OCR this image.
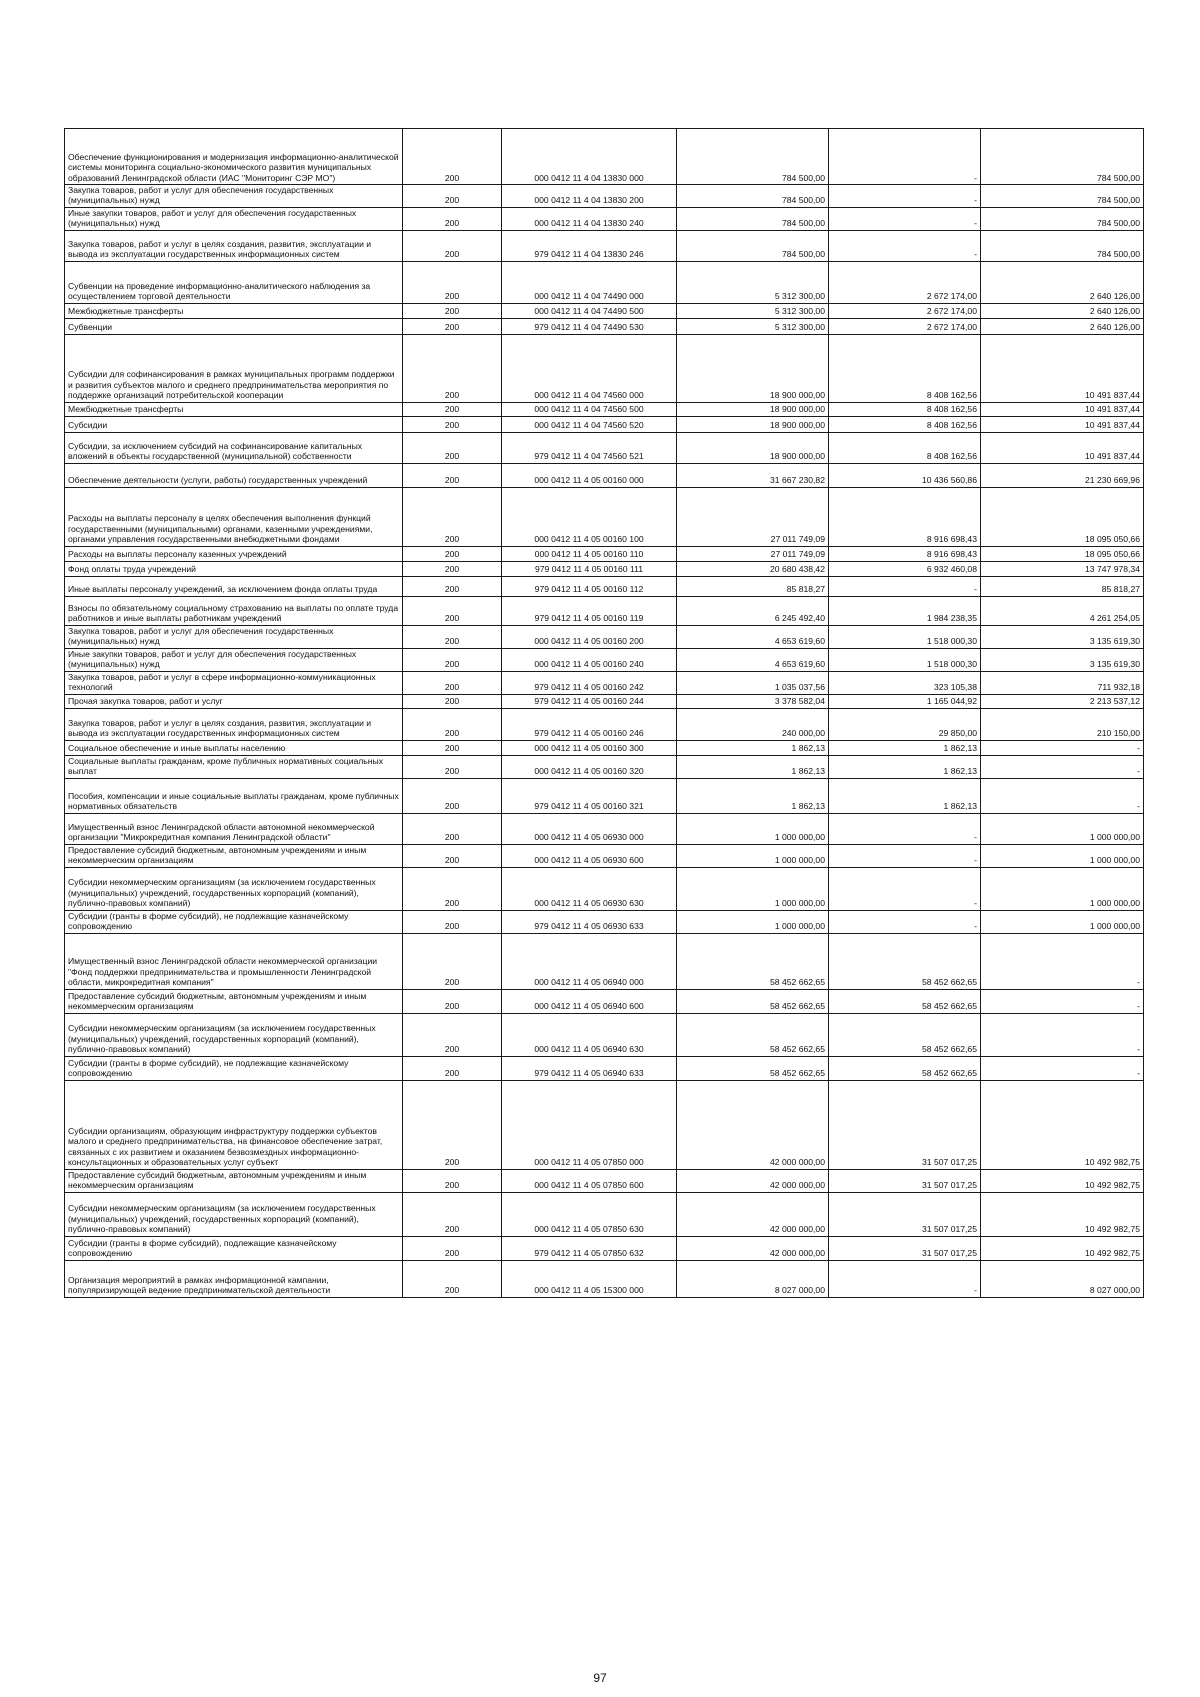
Обеспечение функционирования и модернизация информационно-аналитической системы мониторинга социально-экономического развития муниципальных образований Ленинградской области (ИАС "Мониторинг СЭР МО")	200	000 0412 11 4 04 13830 000	784 500,00	-	784 500,00
Закупка товаров, работ и услуг для обеспечения государственных (муниципальных) нужд	200	000 0412 11 4 04 13830 200	784 500,00	-	784 500,00
Иные закупки товаров, работ и услуг для обеспечения государственных (муниципальных) нужд	200	000 0412 11 4 04 13830 240	784 500,00	-	784 500,00
Закупка товаров, работ и услуг в целях создания, развития, эксплуатации и вывода из эксплуатации государственных информационных систем	200	979 0412 11 4 04 13830 246	784 500,00	-	784 500,00
Субвенции на проведение информационно-аналитического наблюдения за осуществлением торговой деятельности	200	000 0412 11 4 04 74490 000	5 312 300,00	2 672 174,00	2 640 126,00
Межбюджетные трансферты	200	000 0412 11 4 04 74490 500	5 312 300,00	2 672 174,00	2 640 126,00
Субвенции	200	979 0412 11 4 04 74490 530	5 312 300,00	2 672 174,00	2 640 126,00
Субсидии для софинансирования в рамках муниципальных программ поддержки и развития субъектов малого и среднего предпринимательства мероприятия по поддержке организаций потребительской кооперации	200	000 0412 11 4 04 74560 000	18 900 000,00	8 408 162,56	10 491 837,44
Межбюджетные трансферты	200	000 0412 11 4 04 74560 500	18 900 000,00	8 408 162,56	10 491 837,44
Субсидии	200	000 0412 11 4 04 74560 520	18 900 000,00	8 408 162,56	10 491 837,44
Субсидии, за исключением субсидий на софинансирование капитальных вложений в объекты государственной (муниципальной) собственности	200	979 0412 11 4 04 74560 521	18 900 000,00	8 408 162,56	10 491 837,44
Обеспечение деятельности (услуги, работы) государственных учреждений	200	000 0412 11 4 05 00160 000	31 667 230,82	10 436 560,86	21 230 669,96
Расходы на выплаты персоналу в целях обеспечения выполнения функций государственными (муниципальными) органами, казенными учреждениями, органами управления государственными внебюджетными фондами	200	000 0412 11 4 05 00160 100	27 011 749,09	8 916 698,43	18 095 050,66
Расходы на выплаты персоналу казенных учреждений	200	000 0412 11 4 05 00160 110	27 011 749,09	8 916 698,43	18 095 050,66
Фонд оплаты труда учреждений	200	979 0412 11 4 05 00160 111	20 680 438,42	6 932 460,08	13 747 978,34
Иные выплаты персоналу учреждений, за исключением фонда оплаты труда	200	979 0412 11 4 05 00160 112	85 818,27	-	85 818,27
Взносы по обязательному социальному страхованию на выплаты по оплате труда работников и иные выплаты работникам учреждений	200	979 0412 11 4 05 00160 119	6 245 492,40	1 984 238,35	4 261 254,05
Закупка товаров, работ и услуг для обеспечения государственных (муниципальных) нужд	200	000 0412 11 4 05 00160 200	4 653 619,60	1 518 000,30	3 135 619,30
Иные закупки товаров, работ и услуг для обеспечения государственных (муниципальных) нужд	200	000 0412 11 4 05 00160 240	4 653 619,60	1 518 000,30	3 135 619,30
Закупка товаров, работ и услуг в сфере информационно-коммуникационных технологий	200	979 0412 11 4 05 00160 242	1 035 037,56	323 105,38	711 932,18
Прочая закупка товаров, работ и услуг	200	979 0412 11 4 05 00160 244	3 378 582,04	1 165 044,92	2 213 537,12
Закупка товаров, работ и услуг в целях создания, развития, эксплуатации и вывода из эксплуатации государственных информационных систем	200	979 0412 11 4 05 00160 246	240 000,00	29 850,00	210 150,00
Социальное обеспечение и иные выплаты населению	200	000 0412 11 4 05 00160 300	1 862,13	1 862,13	-
Социальные выплаты гражданам, кроме публичных нормативных социальных выплат	200	000 0412 11 4 05 00160 320	1 862,13	1 862,13	-
Пособия, компенсации и иные социальные выплаты гражданам, кроме публичных нормативных обязательств	200	979 0412 11 4 05 00160 321	1 862,13	1 862,13	-
Имущественный взнос Ленинградской области автономной некоммерческой организации "Микрокредитная компания Ленинградской области"	200	000 0412 11 4 05 06930 000	1 000 000,00	-	1 000 000,00
Предоставление субсидий бюджетным, автономным учреждениям и иным некоммерческим организациям	200	000 0412 11 4 05 06930 600	1 000 000,00	-	1 000 000,00
Субсидии некоммерческим организациям (за исключением государственных (муниципальных) учреждений, государственных корпораций (компаний), публично-правовых компаний)	200	000 0412 11 4 05 06930 630	1 000 000,00	-	1 000 000,00
Субсидии (гранты в форме субсидий), не подлежащие казначейскому сопровождению	200	979 0412 11 4 05 06930 633	1 000 000,00	-	1 000 000,00
Имущественный взнос Ленинградской области некоммерческой организации "Фонд поддержки предпринимательства и промышленности Ленинградской области, микрокредитная компания"	200	000 0412 11 4 05 06940 000	58 452 662,65	58 452 662,65	-
Предоставление субсидий бюджетным, автономным учреждениям и иным некоммерческим организациям	200	000 0412 11 4 05 06940 600	58 452 662,65	58 452 662,65	-
Субсидии некоммерческим организациям (за исключением государственных (муниципальных) учреждений, государственных корпораций (компаний), публично-правовых компаний)	200	000 0412 11 4 05 06940 630	58 452 662,65	58 452 662,65	-
Субсидии (гранты в форме субсидий), не подлежащие казначейскому сопровождению	200	979 0412 11 4 05 06940 633	58 452 662,65	58 452 662,65	-
Субсидии организациям, образующим инфраструктуру поддержки субъектов малого и среднего предпринимательства, на финансовое обеспечение затрат, связанных с их развитием и оказанием безвозмездных информационно-консультационных и образовательных услуг субъект	200	000 0412 11 4 05 07850 000	42 000 000,00	31 507 017,25	10 492 982,75
Предоставление субсидий бюджетным, автономным учреждениям и иным некоммерческим организациям	200	000 0412 11 4 05 07850 600	42 000 000,00	31 507 017,25	10 492 982,75
Субсидии некоммерческим организациям (за исключением государственных (муниципальных) учреждений, государственных корпораций (компаний), публично-правовых компаний)	200	000 0412 11 4 05 07850 630	42 000 000,00	31 507 017,25	10 492 982,75
Субсидии (гранты в форме субсидий), подлежащие казначейскому сопровождению	200	979 0412 11 4 05 07850 632	42 000 000,00	31 507 017,25	10 492 982,75
Организация мероприятий в рамках информационной кампании, популяризирующей ведение предпринимательской деятельности	200	000 0412 11 4 05 15300 000	8 027 000,00	-	8 027 000,00
97
